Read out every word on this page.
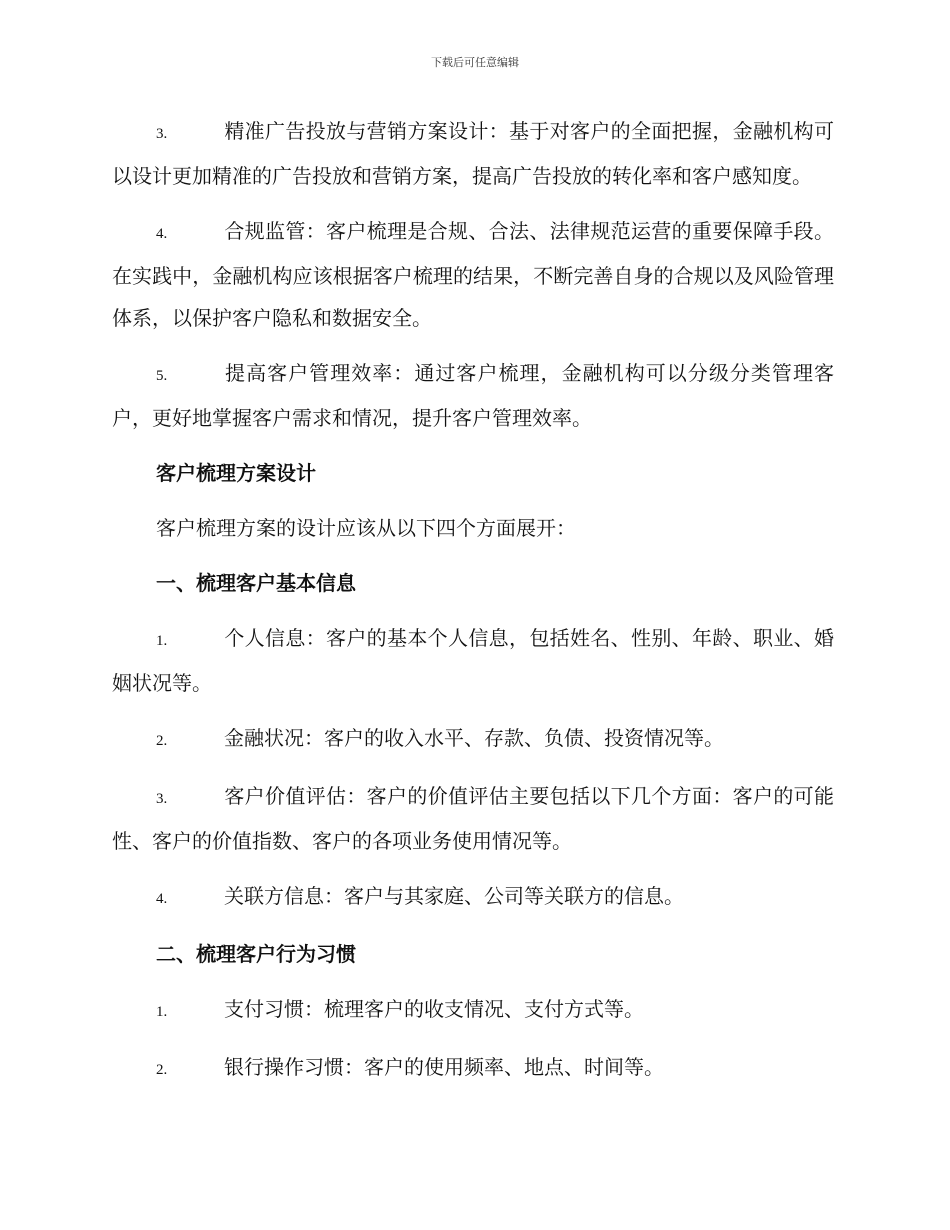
下载后可任意编辑

3.	精准广告投放与营销方案设计：基于对客户的全面把握，金融机构可以设计更加精准的广告投放和营销方案，提高广告投放的转化率和客户感知度。

4.	合规监管：客户梳理是合规、合法、法律规范运营的重要保障手段。在实践中，金融机构应该根据客户梳理的结果，不断完善自身的合规以及风险管理体系，以保护客户隐私和数据安全。

5.	提高客户管理效率：通过客户梳理，金融机构可以分级分类管理客户，更好地掌握客户需求和情况，提升客户管理效率。

客户梳理方案设计

客户梳理方案的设计应该从以下四个方面展开：

一、梳理客户基本信息

1.	个人信息：客户的基本个人信息，包括姓名、性别、年龄、职业、婚姻状况等。

2.	金融状况：客户的收入水平、存款、负债、投资情况等。

3.	客户价值评估：客户的价值评估主要包括以下几个方面：客户的可能性、客户的价值指数、客户的各项业务使用情况等。

4.	关联方信息：客户与其家庭、公司等关联方的信息。

二、梳理客户行为习惯

1.	支付习惯：梳理客户的收支情况、支付方式等。

2.	银行操作习惯：客户的使用频率、地点、时间等。
